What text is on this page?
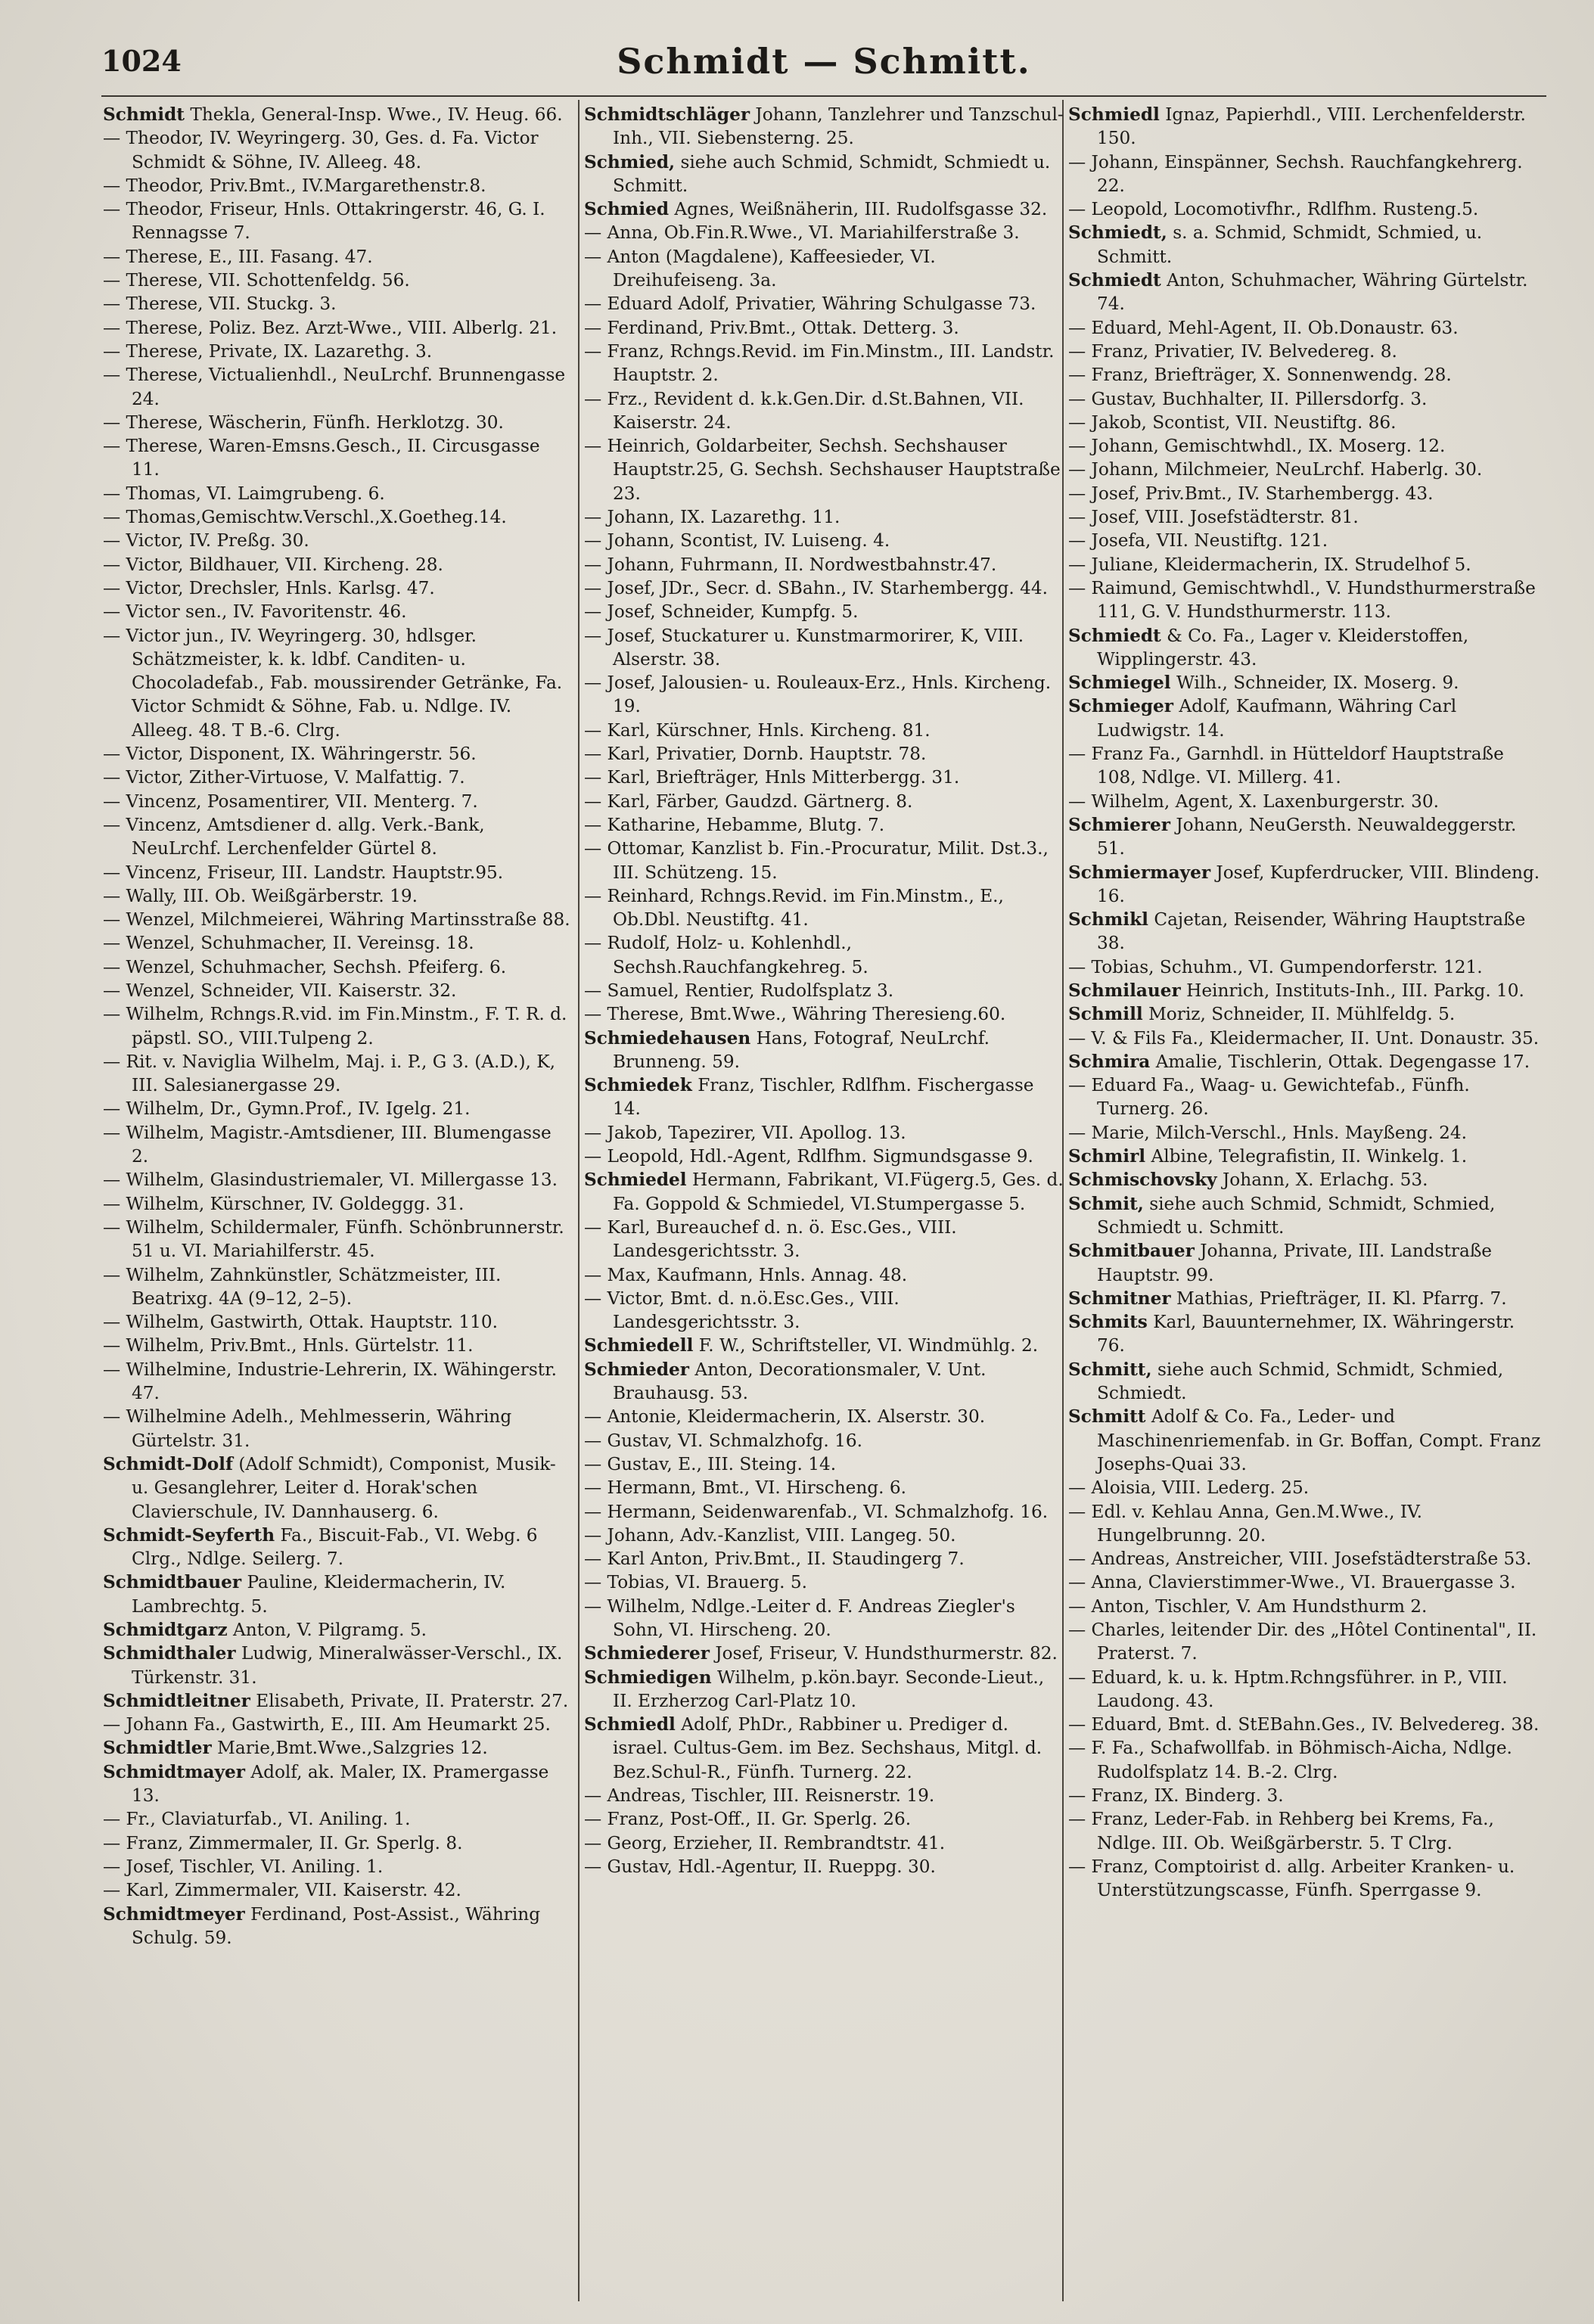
1024	Schmidt — Schmitt.

Schmidt Thekla, General-Insp. Wwe., IV. Heug. 66.

— Theodor, IV. Weyringerg. 30, Ges. d. Fa. Victor Schmidt & Söhne, IV. Alleeg. 48.

— Theodor, Priv.Bmt., IV.Margarethenstr.8.

— Theodor, Friseur, Hnls. Ottakringerstr. 46, G. I. Rennagsse 7.

— Therese, E., III. Fasang. 47.

— Therese, VII. Schottenfeldg. 56.

— Therese, VII. Stuckg. 3.

— Therese, Poliz. Bez. Arzt-Wwe., VIII. Alberlg. 21.

— Therese, Private, IX. Lazarethg. 3.

— Therese, Victualienhdl., NeuLrchf. Brunnengasse 24.

— Therese, Wäscherin, Fünfh. Herklotzg. 30.

— Therese, Waren-Emsns.Gesch., II. Circusgasse 11.

— Thomas, VI. Laimgrubeng. 6.

— Thomas,Gemischtw.Verschl.,X.Goetheg.14.

— Victor, IV. Preßg. 30.

— Victor, Bildhauer, VII. Kircheng. 28.

— Victor, Drechsler, Hnls. Karlsg. 47.

— Victor sen., IV. Favoritenstr. 46.

— Victor jun., IV. Weyringerg. 30, hdlsger. Schätzmeister, k. k. ldbf. Canditen- u. Chocoladefab., Fab. moussirender Getränke, Fa. Victor Schmidt & Söhne, Fab. u. Ndlge. IV. Alleeg. 48. T B.-6. Clrg.

— Victor, Disponent, IX. Währingerstr. 56.

— Victor, Zither-Virtuose, V. Malfattig. 7.

— Vincenz, Posamentirer, VII. Menterg. 7.

— Vincenz, Amtsdiener d. allg. Verk.-Bank, NeuLrchf. Lerchenfelder Gürtel 8.

— Vincenz, Friseur, III. Landstr. Hauptstr.95.

— Wally, III. Ob. Weißgärberstr. 19.

— Wenzel, Milchmeierei, Währing Martinsstraße 88.

— Wenzel, Schuhmacher, II. Vereinsg. 18.

— Wenzel, Schuhmacher, Sechsh. Pfeiferg. 6.

— Wenzel, Schneider, VII. Kaiserstr. 32.

— Wilhelm, Rchngs.R.vid. im Fin.Minstm., F. T. R. d. päpstl. SO., VIII.Tulpeng 2.

— Rit. v. Naviglia Wilhelm, Maj. i. P., G 3. (A.D.), K, III. Salesianergasse 29.

— Wilhelm, Dr., Gymn.Prof., IV. Igelg. 21.

— Wilhelm, Magistr.-Amtsdiener, III. Blumengasse 2.

— Wilhelm, Glasindustriemaler, VI. Millergasse 13.

— Wilhelm, Kürschner, IV. Goldeggg. 31.

— Wilhelm, Schildermaler, Fünfh. Schönbrunnerstr. 51 u. VI. Mariahilferstr. 45.

— Wilhelm, Zahnkünstler, Schätzmeister, III. Beatrixg. 4A (9–12, 2–5).

— Wilhelm, Gastwirth, Ottak. Hauptstr. 110.

— Wilhelm, Priv.Bmt., Hnls. Gürtelstr. 11.

— Wilhelmine, Industrie-Lehrerin, IX. Wähingerstr. 47.

— Wilhelmine Adelh., Mehlmesserin, Währing Gürtelstr. 31.

Schmidt-Dolf (Adolf Schmidt), Componist, Musik- u. Gesanglehrer, Leiter d. Horak'schen Clavierschule, IV. Dannhauserg. 6.

Schmidt-Seyferth Fa., Biscuit-Fab., VI. Webg. 6 Clrg., Ndlge. Seilerg. 7.

Schmidtbauer Pauline, Kleidermacherin, IV. Lambrechtg. 5.

Schmidtgarz Anton, V. Pilgramg. 5.

Schmidthaler Ludwig, Mineralwässer-Verschl., IX. Türkenstr. 31.

Schmidtleitner Elisabeth, Private, II. Praterstr. 27.

— Johann Fa., Gastwirth, E., III. Am Heumarkt 25.

Schmidtler Marie,Bmt.Wwe.,Salzgries 12.

Schmidtmayer Adolf, ak. Maler, IX. Pramergasse 13.

— Fr., Claviaturfab., VI. Aniling. 1.

— Franz, Zimmermaler, II. Gr. Sperlg. 8.

— Josef, Tischler, VI. Aniling. 1.

— Karl, Zimmermaler, VII. Kaiserstr. 42.

Schmidtmeyer Ferdinand, Post-Assist., Währing Schulg. 59.

Schmidtschläger Johann, Tanzlehrer und Tanzschul-Inh., VII. Siebensterng. 25.

Schmied, siehe auch Schmid, Schmidt, Schmiedt u. Schmitt.

Schmied Agnes, Weißnäherin, III. Rudolfsgasse 32.

— Anna, Ob.Fin.R.Wwe., VI. Mariahilferstraße 3.

— Anton (Magdalene), Kaffeesieder, VI. Dreihufeiseng. 3a.

— Eduard Adolf, Privatier, Währing Schulgasse 73.

— Ferdinand, Priv.Bmt., Ottak. Detterg. 3.

— Franz, Rchngs.Revid. im Fin.Minstm., III. Landstr. Hauptstr. 2.

— Frz., Revident d. k.k.Gen.Dir. d.St.Bahnen, VII. Kaiserstr. 24.

— Heinrich, Goldarbeiter, Sechsh. Sechshauser Hauptstr.25, G. Sechsh. Sechshauser Hauptstraße 23.

— Johann, IX. Lazarethg. 11.

— Johann, Scontist, IV. Luiseng. 4.

— Johann, Fuhrmann, II. Nordwestbahnstr.47.

— Josef, JDr., Secr. d. SBahn., IV. Starhembergg. 44.

— Josef, Schneider, Kumpfg. 5.

— Josef, Stuckaturer u. Kunstmarmorirer, K, VIII. Alserstr. 38.

— Josef, Jalousien- u. Rouleaux-Erz., Hnls. Kircheng. 19.

— Karl, Kürschner, Hnls. Kircheng. 81.

— Karl, Privatier, Dornb. Hauptstr. 78.

— Karl, Briefträger, Hnls Mitterbergg. 31.

— Karl, Färber, Gaudzd. Gärtnerg. 8.

— Katharine, Hebamme, Blutg. 7.

— Ottomar, Kanzlist b. Fin.-Procuratur, Milit. Dst.3., III. Schützeng. 15.

— Reinhard, Rchngs.Revid. im Fin.Minstm., E., Ob.Dbl. Neustiftg. 41.

— Rudolf, Holz- u. Kohlenhdl., Sechsh.Rauchfangkehreg. 5.

— Samuel, Rentier, Rudolfsplatz 3.

— Therese, Bmt.Wwe., Währing Theresieng.60.

Schmiedehausen Hans, Fotograf, NeuLrchf. Brunneng. 59.

Schmiedek Franz, Tischler, Rdlfhm. Fischergasse 14.

— Jakob, Tapezirer, VII. Apollog. 13.

— Leopold, Hdl.-Agent, Rdlfhm. Sigmundsgasse 9.

Schmiedel Hermann, Fabrikant, VI.Fügerg.5, Ges. d. Fa. Goppold & Schmiedel, VI.Stumpergasse 5.

— Karl, Bureauchef d. n. ö. Esc.Ges., VIII. Landesgerichtsstr. 3.

— Max, Kaufmann, Hnls. Annag. 48.

— Victor, Bmt. d. n.ö.Esc.Ges., VIII. Landesgerichtsstr. 3.

Schmiedell F. W., Schriftsteller, VI. Windmühlg. 2.

Schmieder Anton, Decorationsmaler, V. Unt. Brauhausg. 53.

— Antonie, Kleidermacherin, IX. Alserstr. 30.

— Gustav, VI. Schmalzhofg. 16.

— Gustav, E., III. Steing. 14.

— Hermann, Bmt., VI. Hirscheng. 6.

— Hermann, Seidenwarenfab., VI. Schmalzhofg. 16.

— Johann, Adv.-Kanzlist, VIII. Langeg. 50.

— Karl Anton, Priv.Bmt., II. Staudingerg 7.

— Tobias, VI. Brauerg. 5.

— Wilhelm, Ndlge.-Leiter d. F. Andreas Ziegler's Sohn, VI. Hirscheng. 20.

Schmiederer Josef, Friseur, V. Hundsthurmerstr. 82.

Schmiedigen Wilhelm, p.kön.bayr. Seconde-Lieut., II. Erzherzog Carl-Platz 10.

Schmiedl Adolf, PhDr., Rabbiner u. Prediger d. israel. Cultus-Gem. im Bez. Sechshaus, Mitgl. d. Bez.Schul-R., Fünfh. Turnerg. 22.

— Andreas, Tischler, III. Reisnerstr. 19.

— Franz, Post-Off., II. Gr. Sperlg. 26.

— Georg, Erzieher, II. Rembrandtstr. 41.

— Gustav, Hdl.-Agentur, II. Rueppg. 30.

Schmiedl Ignaz, Papierhdl., VIII. Lerchenfelderstr. 150.

— Johann, Einspänner, Sechsh. Rauchfangkehrerg. 22.

— Leopold, Locomotivfhr., Rdlfhm. Rusteng.5.

Schmiedt, s. a. Schmid, Schmidt, Schmied, u. Schmitt.

Schmiedt Anton, Schuhmacher, Währing Gürtelstr. 74.

— Eduard, Mehl-Agent, II. Ob.Donaustr. 63.

— Franz, Privatier, IV. Belvedereg. 8.

— Franz, Briefträger, X. Sonnenwendg. 28.

— Gustav, Buchhalter, II. Pillersdorfg. 3.

— Jakob, Scontist, VII. Neustiftg. 86.

— Johann, Gemischtwhdl., IX. Moserg. 12.

— Johann, Milchmeier, NeuLrchf. Haberlg. 30.

— Josef, Priv.Bmt., IV. Starhembergg. 43.

— Josef, VIII. Josefstädterstr. 81.

— Josefa, VII. Neustiftg. 121.

— Juliane, Kleidermacherin, IX. Strudelhof 5.

— Raimund, Gemischtwhdl., V. Hundsthurmerstraße 111, G. V. Hundsthurmerstr. 113.

Schmiedt & Co. Fa., Lager v. Kleiderstoffen, Wipplingerstr. 43.

Schmiegel Wilh., Schneider, IX. Moserg. 9.

Schmieger Adolf, Kaufmann, Währing Carl Ludwigstr. 14.

— Franz Fa., Garnhdl. in Hütteldorf Hauptstraße 108, Ndlge. VI. Millerg. 41.

— Wilhelm, Agent, X. Laxenburgerstr. 30.

Schmierer Johann, NeuGersth. Neuwaldeggerstr. 51.

Schmiermayer Josef, Kupferdrucker, VIII. Blindeng. 16.

Schmikl Cajetan, Reisender, Währing Hauptstraße 38.

— Tobias, Schuhm., VI. Gumpendorferstr. 121.

Schmilauer Heinrich, Instituts-Inh., III. Parkg. 10.

Schmill Moriz, Schneider, II. Mühlfeldg. 5.

— V. & Fils Fa., Kleidermacher, II. Unt. Donaustr. 35.

Schmira Amalie, Tischlerin, Ottak. Degengasse 17.

— Eduard Fa., Waag- u. Gewichtefab., Fünfh. Turnerg. 26.

— Marie, Milch-Verschl., Hnls. Mayßeng. 24.

Schmirl Albine, Telegrafistin, II. Winkelg. 1.

Schmischovsky Johann, X. Erlachg. 53.

Schmit, siehe auch Schmid, Schmidt, Schmied, Schmiedt u. Schmitt.

Schmitbauer Johanna, Private, III. Landstraße Hauptstr. 99.

Schmitner Mathias, Priefträger, II. Kl. Pfarrg. 7.

Schmits Karl, Bauunternehmer, IX. Währingerstr. 76.

Schmitt, siehe auch Schmid, Schmidt, Schmied, Schmiedt.

Schmitt Adolf & Co. Fa., Leder- und Maschinenriemenfab. in Gr. Boffan, Compt. Franz Josephs-Quai 33.

— Aloisia, VIII. Lederg. 25.

— Edl. v. Kehlau Anna, Gen.M.Wwe., IV. Hungelbrunng. 20.

— Andreas, Anstreicher, VIII. Josefstädterstraße 53.

— Anna, Clavierstimmer-Wwe., VI. Brauergasse 3.

— Anton, Tischler, V. Am Hundsthurm 2.

— Charles, leitender Dir. des „Hôtel Continental", II. Praterst. 7.

— Eduard, k. u. k. Hptm.Rchngsführer. in P., VIII. Laudong. 43.

— Eduard, Bmt. d. StEBahn.Ges., IV. Belvedereg. 38.

— F. Fa., Schafwollfab. in Böhmisch-Aicha, Ndlge. Rudolfsplatz 14. B.-2. Clrg.

— Franz, IX. Binderg. 3.

— Franz, Leder-Fab. in Rehberg bei Krems, Fa., Ndlge. III. Ob. Weißgärberstr. 5. T Clrg.

— Franz, Comptoirist d. allg. Arbeiter Kranken- u. Unterstützungscasse, Fünfh. Sperrgasse 9.
